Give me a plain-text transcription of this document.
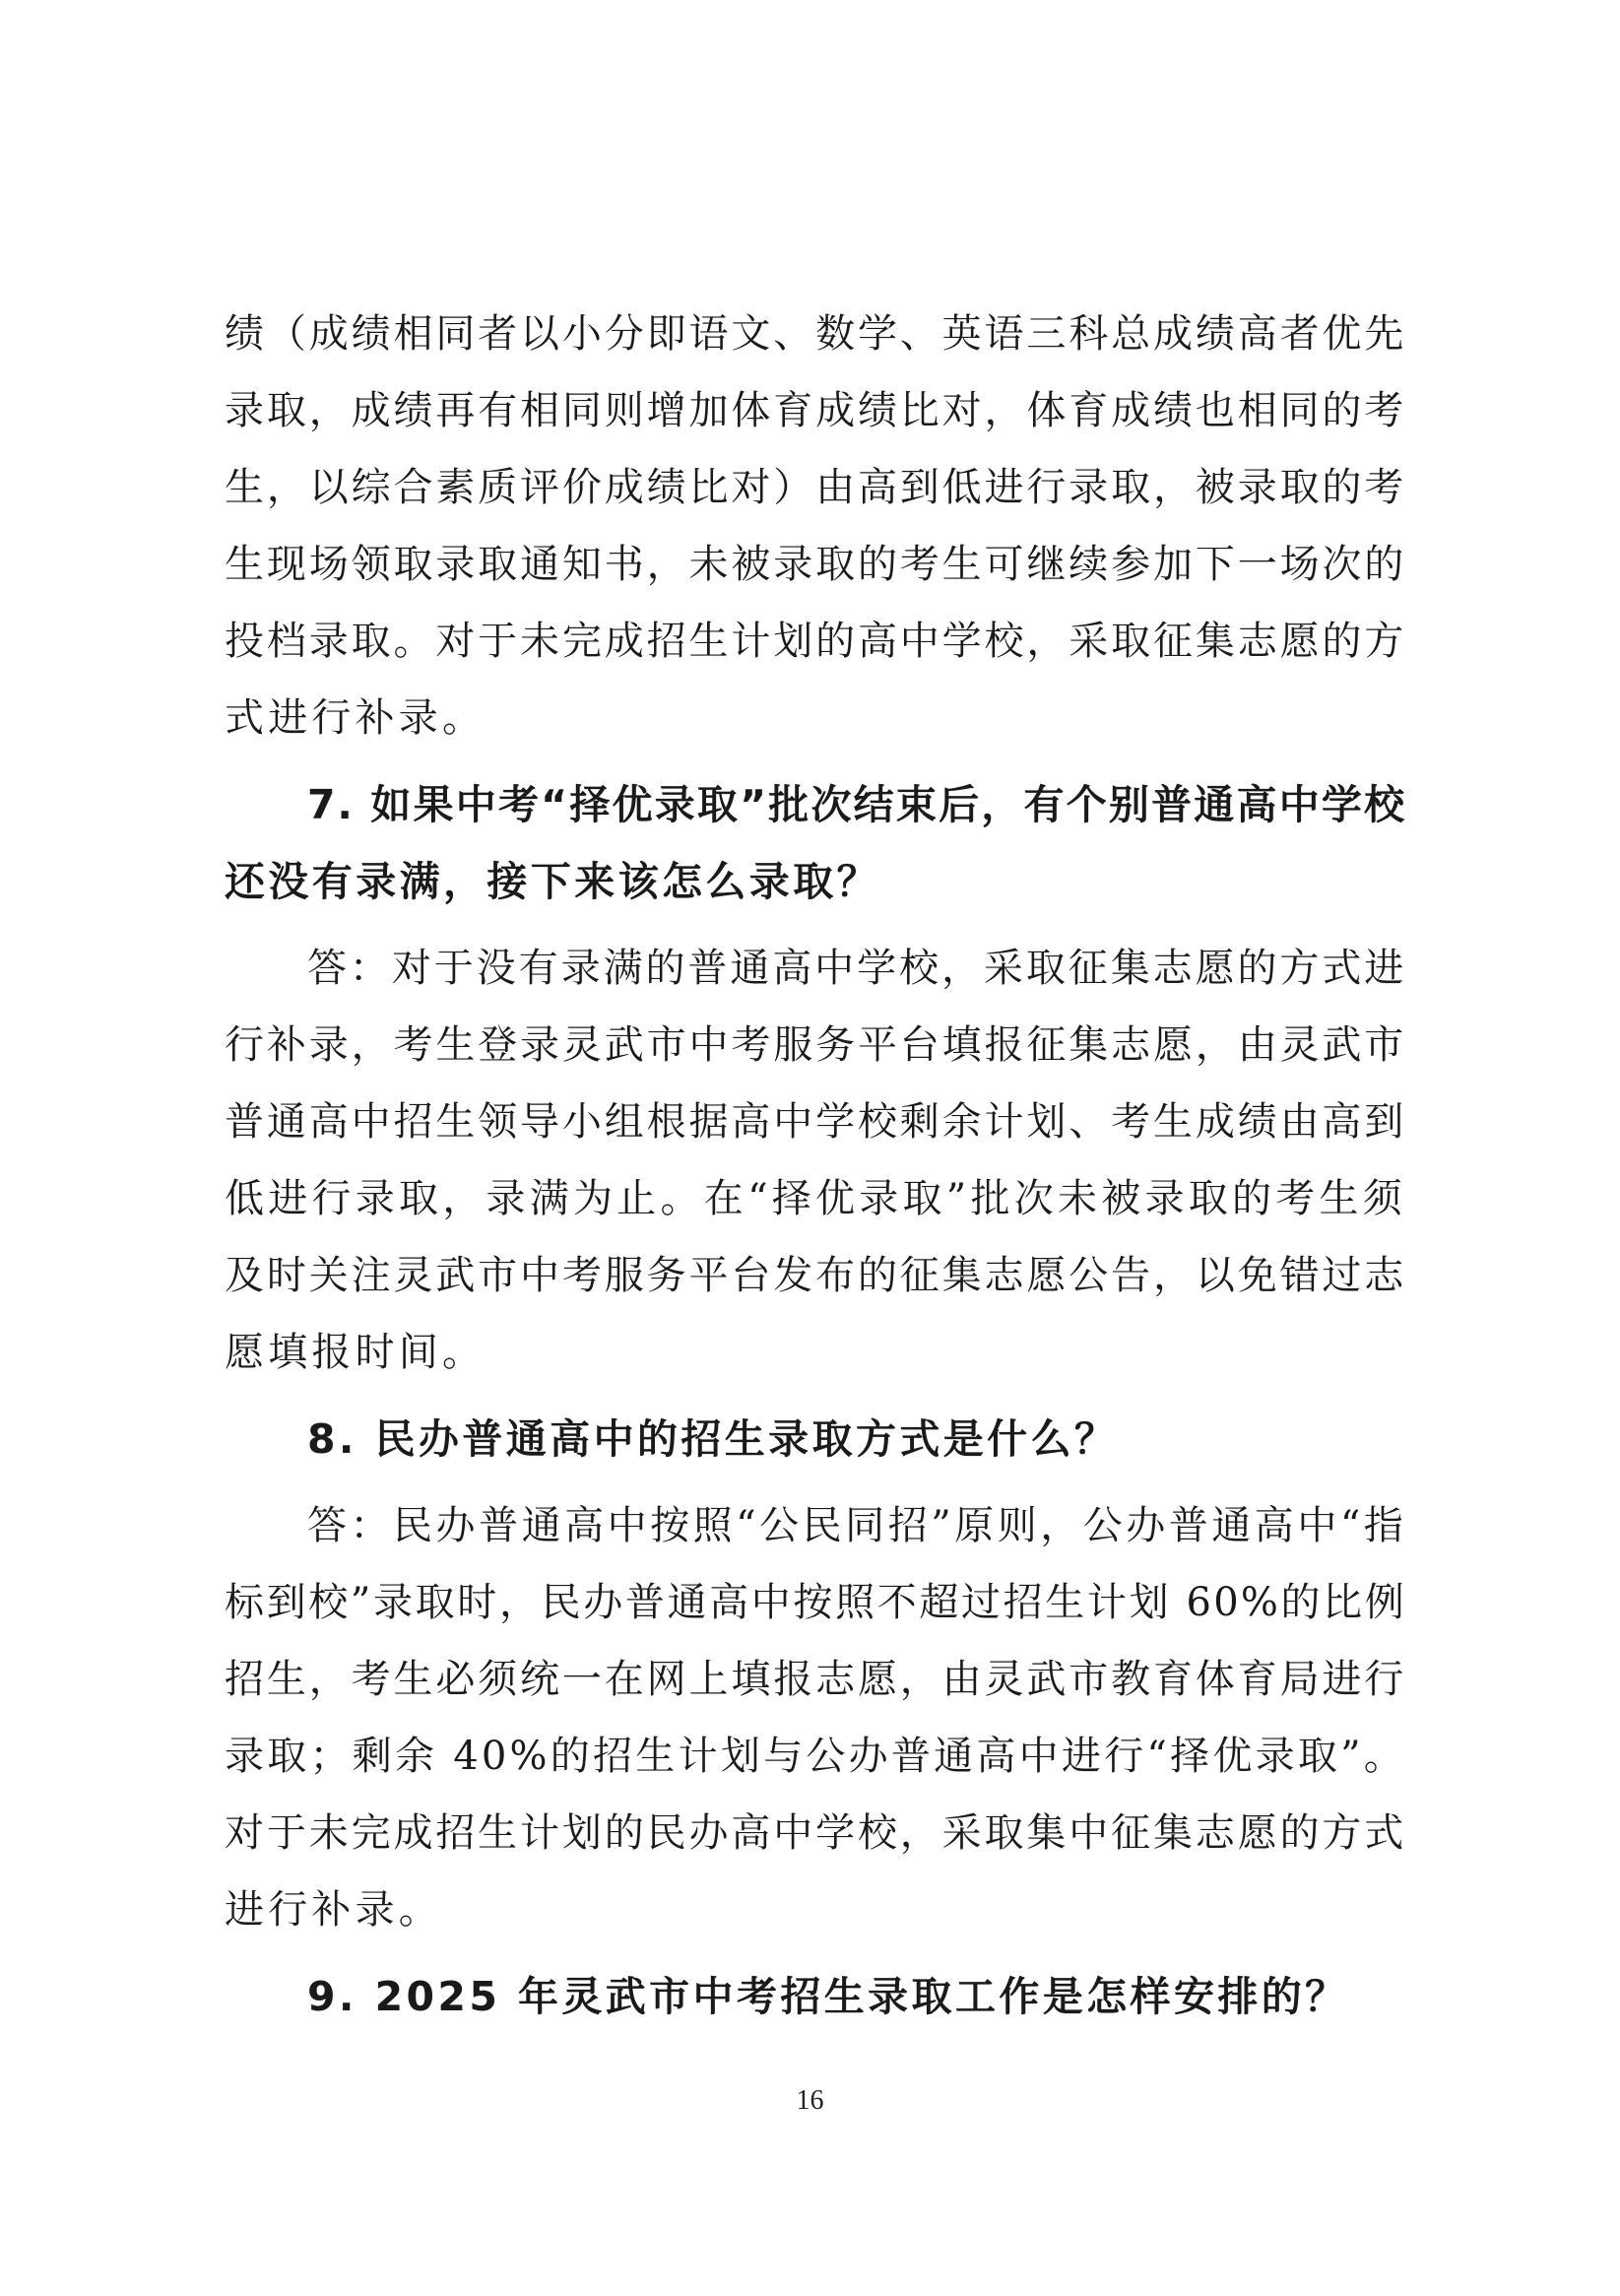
绩（成绩相同者以小分即语文、数学、英语三科总成绩高者优先
录取，成绩再有相同则增加体育成绩比对，体育成绩也相同的考
生，以综合素质评价成绩比对）由高到低进行录取，被录取的考
生现场领取录取通知书，未被录取的考生可继续参加下一场次的
投档录取。对于未完成招生计划的高中学校，采取征集志愿的方
式进行补录。
7. 如果中考“择优录取”批次结束后，有个别普通高中学校
还没有录满，接下来该怎么录取？
答：对于没有录满的普通高中学校，采取征集志愿的方式进
行补录，考生登录灵武市中考服务平台填报征集志愿，由灵武市
普通高中招生领导小组根据高中学校剩余计划、考生成绩由高到
低进行录取，录满为止。在“择优录取”批次未被录取的考生须
及时关注灵武市中考服务平台发布的征集志愿公告，以免错过志
愿填报时间。
8. 民办普通高中的招生录取方式是什么？
答：民办普通高中按照“公民同招”原则，公办普通高中“指
标到校”录取时，民办普通高中按照不超过招生计划 60%的比例
招生，考生必须统一在网上填报志愿，由灵武市教育体育局进行
录取；剩余 40%的招生计划与公办普通高中进行“择优录取”。
对于未完成招生计划的民办高中学校，采取集中征集志愿的方式
进行补录。
9. 2025 年灵武市中考招生录取工作是怎样安排的？
16
